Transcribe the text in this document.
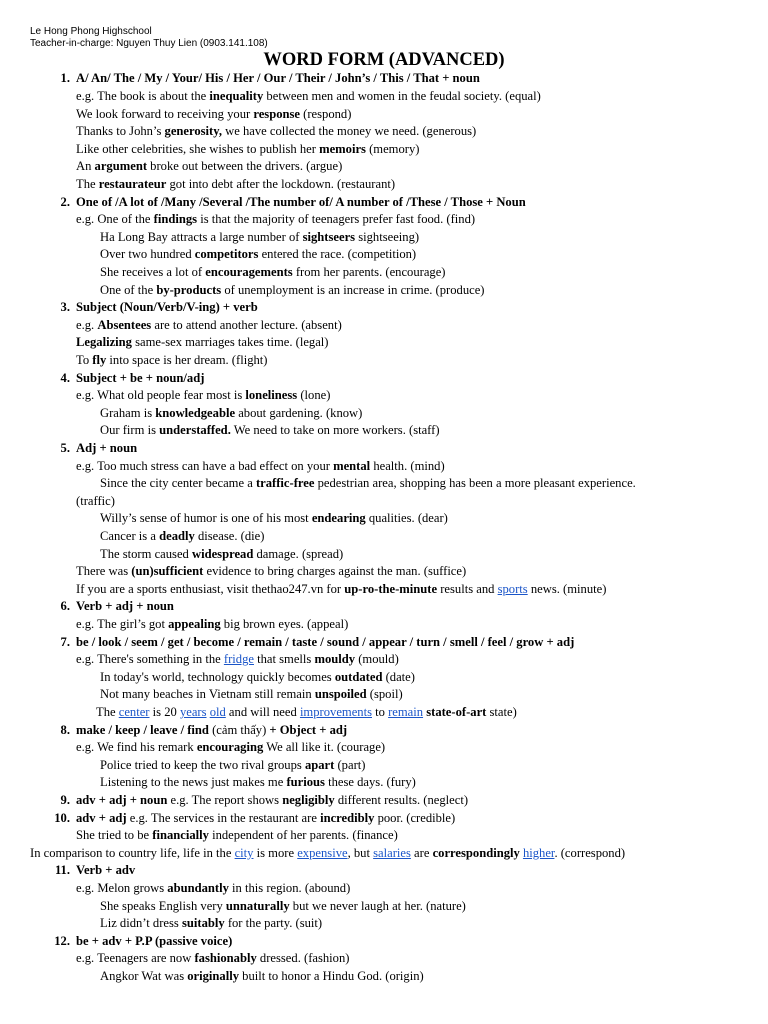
Le Hong Phong Highschool
Teacher-in-charge: Nguyen Thuy Lien (0903.141.108)
WORD FORM (ADVANCED)
1. A/ An/ The / My / Your/ His / Her / Our / Their / John’s / This / That + noun
e.g. The book is about the inequality between men and women in the feudal society. (equal)
We look forward to receiving your response (respond)
Thanks to John’s generosity, we have collected the money we need. (generous)
Like other celebrities, she wishes to publish her memoirs (memory)
An argument broke out between the drivers. (argue)
The restaurateur got into debt after the lockdown. (restaurant)
2. One of /A lot of /Many /Several /The number of/ A number of /These / Those + Noun
e.g. One of the findings is that the majority of teenagers prefer fast food. (find)
Ha Long Bay attracts a large number of sightseers sightseeing)
Over two hundred competitors entered the race. (competition)
She receives a lot of encouragements from her parents. (encourage)
One of the by-products of unemployment is an increase in crime. (produce)
3. Subject (Noun/Verb/V-ing) + verb
e.g. Absentees are to attend another lecture. (absent)
Legalizing same-sex marriages takes time. (legal)
To fly into space is her dream. (flight)
4. Subject + be + noun/adj
e.g. What old people fear most is loneliness (lone)
Graham is knowledgeable about gardening. (know)
Our firm is understaffed. We need to take on more workers. (staff)
5. Adj + noun
e.g. Too much stress can have a bad effect on your mental health. (mind)
Since the city center became a traffic-free pedestrian area, shopping has been a more pleasant experience.
(traffic)
Willy’s sense of humor is one of his most endearing qualities. (dear)
Cancer is a deadly disease. (die)
The storm caused widespread damage. (spread)
There was (un)sufficient evidence to bring charges against the man. (suffice)
If you are a sports enthusiast, visit thethao247.vn for up-ro-the-minute results and sports news. (minute)
6. Verb + adj + noun
e.g. The girl’s got appealing big brown eyes. (appeal)
7. be / look / seem / get / become / remain / taste / sound / appear / turn / smell / feel / grow + adj
e.g. There's something in the fridge that smells mouldy (mould)
In today's world, technology quickly becomes outdated (date)
Not many beaches in Vietnam still remain unspoiled (spoil)
The center is 20 years old and will need improvements to remain state-of-art state)
8. make / keep / leave / find (cảm thấy) + Object + adj
e.g. We find his remark encouraging We all like it. (courage)
Police tried to keep the two rival groups apart (part)
Listening to the news just makes me furious these days. (fury)
9. adv + adj + noun e.g. The report shows negligibly different results. (neglect)
10. adv + adj e.g. The services in the restaurant are incredibly poor. (credible)
She tried to be financially independent of her parents. (finance)
In comparison to country life, life in the city is more expensive, but salaries are correspondingly higher. (correspond)
11. Verb + adv
e.g. Melon grows abundantly in this region. (abound)
She speaks English very unnaturally but we never laugh at her. (nature)
Liz didn’t dress suitably for the party. (suit)
12. be + adv + P.P (passive voice)
e.g. Teenagers are now fashionably dressed. (fashion)
Angkor Wat was originally built to honor a Hindu God. (origin)
